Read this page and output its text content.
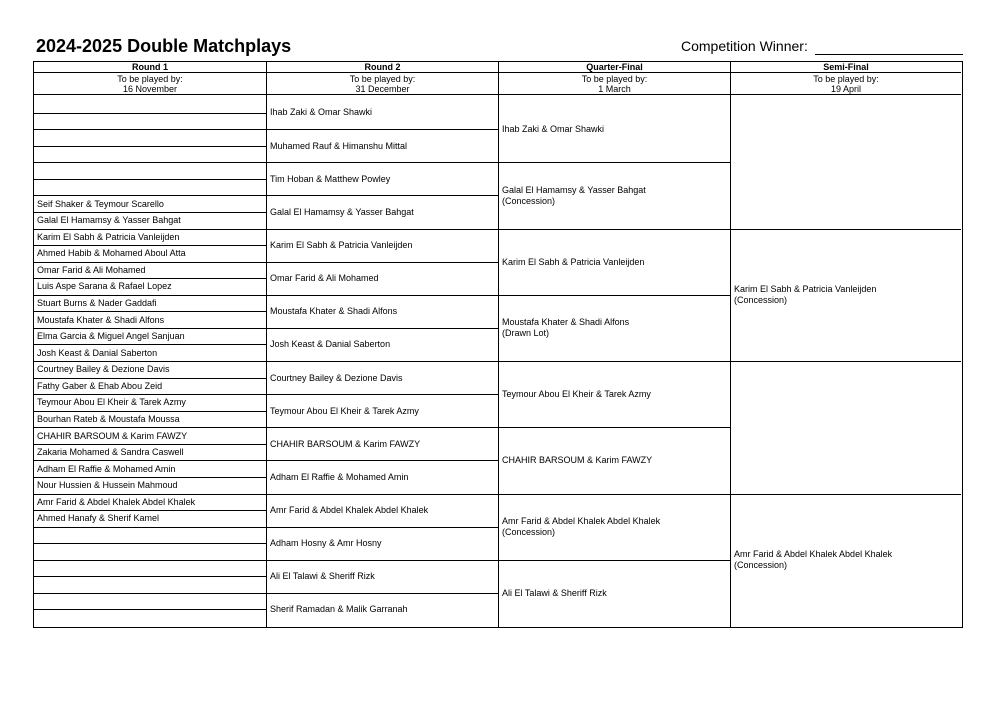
2024-2025 Double Matchplays	Competition Winner:
Round 1
To be played by:
16 November
Seif Shaker & Teymour Scarello
Galal El Hamamsy & Yasser Bahgat
Karim El Sabh & Patricia Vanleijden
Ahmed Habib & Mohamed Aboul Atta
Omar Farid & Ali Mohamed
Luis Aspe Sarana & Rafael Lopez
Stuart Burns & Nader Gaddafi
Moustafa Khater & Shadi Alfons
Elma Garcia & Miguel Angel Sanjuan
Josh Keast & Danial Saberton
Courtney Bailey & Dezione Davis
Fathy Gaber & Ehab Abou Zeid
Teymour Abou El Kheir & Tarek Azmy
Bourhan Rateb & Moustafa Moussa
CHAHIR BARSOUM & Karim FAWZY
Zakaria Mohamed & Sandra Caswell
Adham El Raffie & Mohamed Amin
Nour Hussien & Hussein Mahmoud
Amr Farid & Abdel Khalek Abdel Khalek
Ahmed Hanafy & Sherif Kamel
Round 2
To be played by:
31 December
Ihab Zaki & Omar Shawki
Muhamed Rauf & Himanshu Mittal
Tim Hoban & Matthew Powley
Galal El Hamamsy & Yasser Bahgat
Karim El Sabh & Patricia Vanleijden
Omar Farid & Ali Mohamed
Moustafa Khater & Shadi Alfons
Josh Keast & Danial Saberton
Courtney Bailey & Dezione Davis
Teymour Abou El Kheir & Tarek Azmy
CHAHIR BARSOUM & Karim FAWZY
Adham El Raffie & Mohamed Amin
Amr Farid & Abdel Khalek Abdel Khalek
Adham Hosny & Amr Hosny
Ali El Talawi & Sheriff Rizk
Sherif Ramadan & Malik Garranah
Quarter-Final
To be played by:
1 March
Ihab Zaki & Omar Shawki
Galal El Hamamsy & Yasser Bahgat
(Concession)
Karim El Sabh & Patricia Vanleijden
Moustafa Khater & Shadi Alfons
(Drawn Lot)
Teymour Abou El Kheir & Tarek Azmy
CHAHIR BARSOUM & Karim FAWZY
Amr Farid & Abdel Khalek Abdel Khalek
(Concession)
Ali El Talawi & Sheriff Rizk
Semi-Final
To be played by:
19 April
Karim El Sabh & Patricia Vanleijden
(Concession)
Amr Farid & Abdel Khalek Abdel Khalek
(Concession)
